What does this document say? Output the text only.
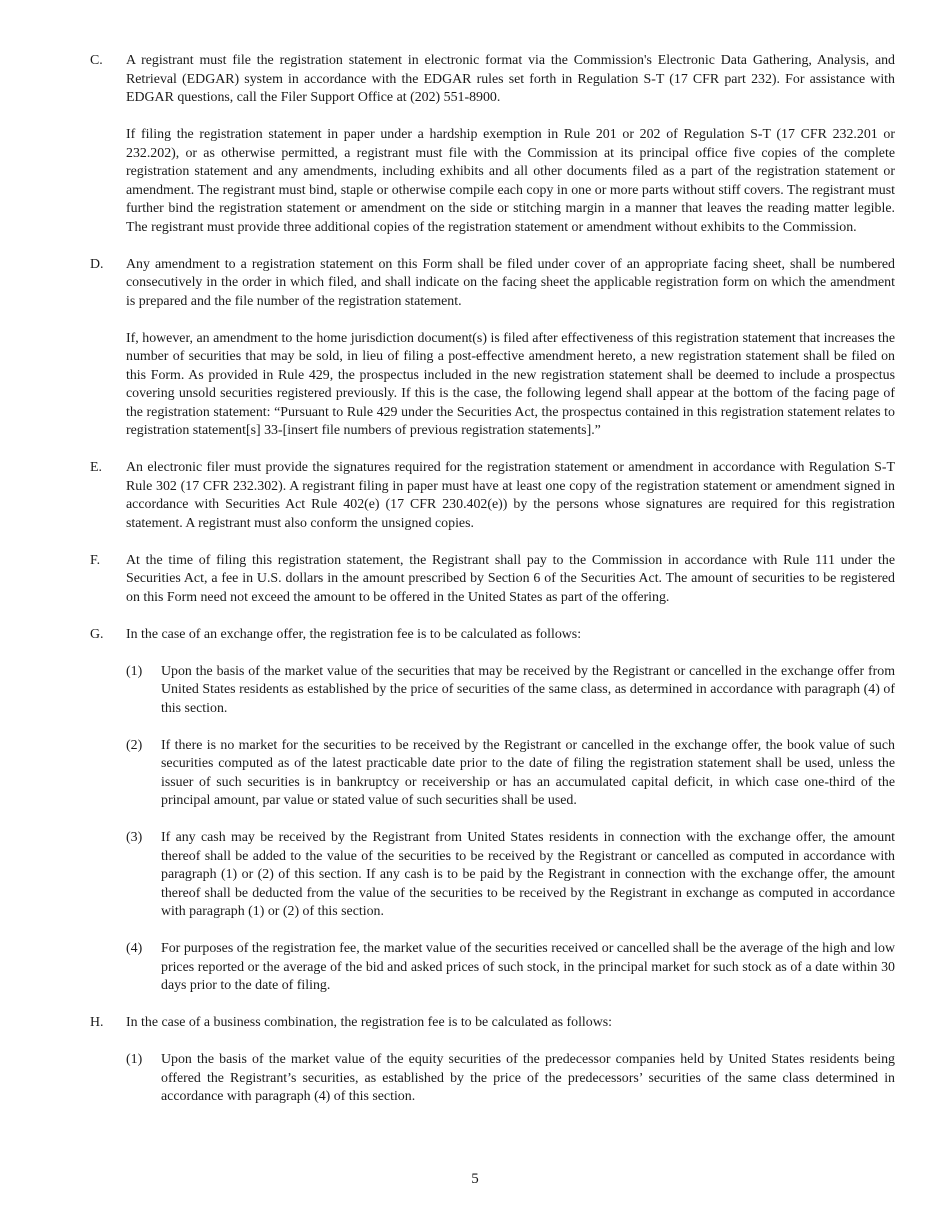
C. A registrant must file the registration statement in electronic format via the Commission's Electronic Data Gathering, Analysis, and Retrieval (EDGAR) system in accordance with the EDGAR rules set forth in Regulation S-T (17 CFR part 232). For assistance with EDGAR questions, call the Filer Support Office at (202) 551-8900.

If filing the registration statement in paper under a hardship exemption in Rule 201 or 202 of Regulation S-T (17 CFR 232.201 or 232.202), or as otherwise permitted, a registrant must file with the Commission at its principal office five copies of the complete registration statement and any amendments, including exhibits and all other documents filed as a part of the registration statement or amendment. The registrant must bind, staple or otherwise compile each copy in one or more parts without stiff covers. The registrant must further bind the registration statement or amendment on the side or stitching margin in a manner that leaves the reading matter legible. The registrant must provide three additional copies of the registration statement or amendment without exhibits to the Commission.

D. Any amendment to a registration statement on this Form shall be filed under cover of an appropriate facing sheet, shall be numbered consecutively in the order in which filed, and shall indicate on the facing sheet the applicable registration form on which the amendment is prepared and the file number of the registration statement.

If, however, an amendment to the home jurisdiction document(s) is filed after effectiveness of this registration statement that increases the number of securities that may be sold, in lieu of filing a post-effective amendment hereto, a new registration statement shall be filed on this Form. As provided in Rule 429, the prospectus included in the new registration statement shall be deemed to include a prospectus covering unsold securities registered previously. If this is the case, the following legend shall appear at the bottom of the facing page of the registration statement: “Pursuant to Rule 429 under the Securities Act, the prospectus contained in this registration statement relates to registration statement[s] 33-[insert file numbers of previous registration statements].”

E. An electronic filer must provide the signatures required for the registration statement or amendment in accordance with Regulation S-T Rule 302 (17 CFR 232.302). A registrant filing in paper must have at least one copy of the registration statement or amendment signed in accordance with Securities Act Rule 402(e) (17 CFR 230.402(e)) by the persons whose signatures are required for this registration statement. A registrant must also conform the unsigned copies.

F. At the time of filing this registration statement, the Registrant shall pay to the Commission in accordance with Rule 111 under the Securities Act, a fee in U.S. dollars in the amount prescribed by Section 6 of the Securities Act. The amount of securities to be registered on this Form need not exceed the amount to be offered in the United States as part of the offering.

G. In the case of an exchange offer, the registration fee is to be calculated as follows:

(1) Upon the basis of the market value of the securities that may be received by the Registrant or cancelled in the exchange offer from United States residents as established by the price of securities of the same class, as determined in accordance with paragraph (4) of this section.

(2) If there is no market for the securities to be received by the Registrant or cancelled in the exchange offer, the book value of such securities computed as of the latest practicable date prior to the date of filing the registration statement shall be used, unless the issuer of such securities is in bankruptcy or receivership or has an accumulated capital deficit, in which case one-third of the principal amount, par value or stated value of such securities shall be used.

(3) If any cash may be received by the Registrant from United States residents in connection with the exchange offer, the amount thereof shall be added to the value of the securities to be received by the Registrant or cancelled as computed in accordance with paragraph (1) or (2) of this section. If any cash is to be paid by the Registrant in connection with the exchange offer, the amount thereof shall be deducted from the value of the securities to be received by the Registrant in exchange as computed in accordance with paragraph (1) or (2) of this section.

(4) For purposes of the registration fee, the market value of the securities received or cancelled shall be the average of the high and low prices reported or the average of the bid and asked prices of such stock, in the principal market for such stock as of a date within 30 days prior to the date of filing.

H. In the case of a business combination, the registration fee is to be calculated as follows:

(1) Upon the basis of the market value of the equity securities of the predecessor companies held by United States residents being offered the Registrant’s securities, as established by the price of the predecessors’ securities of the same class determined in accordance with paragraph (4) of this section.

5
